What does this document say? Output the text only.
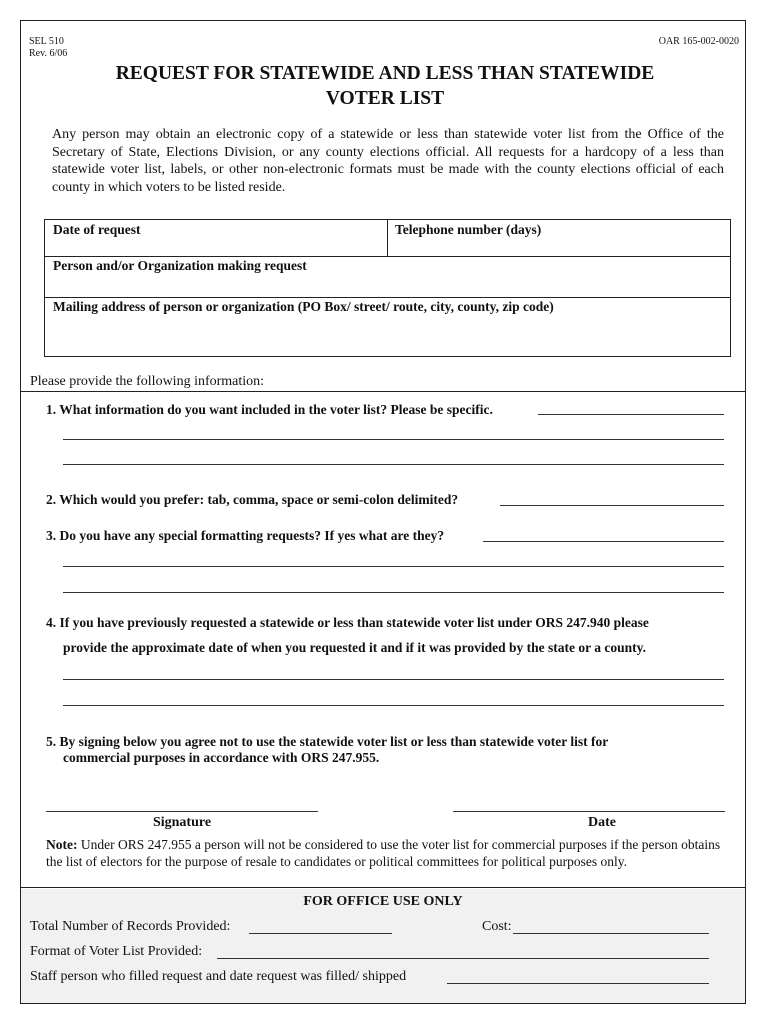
SEL 510
Rev. 6/06
OAR 165-002-0020
REQUEST FOR STATEWIDE AND LESS THAN STATEWIDE
VOTER LIST
Any person may obtain an electronic copy of a statewide or less than statewide voter list from the Office of the Secretary of State, Elections Division, or any county elections official. All requests for a hardcopy of a less than statewide voter list, labels, or other non-electronic formats must be made with the county elections official of each county in which voters to be listed reside.
Date of request	Telephone number (days)
Person and/or Organization making request
Mailing address of person or organization (PO Box/ street/ route, city, county, zip code)
Please provide the following information:
1. What information do you want included in the voter list? Please be specific.
2. Which would you prefer: tab, comma, space or semi-colon delimited?
3. Do you have any special formatting requests? If yes what are they?
4. If you have previously requested a statewide or less than statewide voter list under ORS 247.940 please
provide the approximate date of when you requested it and if it was provided by the state or a county.
5. By signing below you agree not to use the statewide voter list or less than statewide voter list for
commercial purposes in accordance with ORS 247.955.
Signature	Date
Note: Under ORS 247.955 a person will not be considered to use the voter list for commercial purposes if the person obtains the list of electors for the purpose of resale to candidates or political committees for political purposes only.
FOR OFFICE USE ONLY
Total Number of Records Provided:	Cost:
Format of Voter List Provided:
Staff person who filled request and date request was filled/ shipped
